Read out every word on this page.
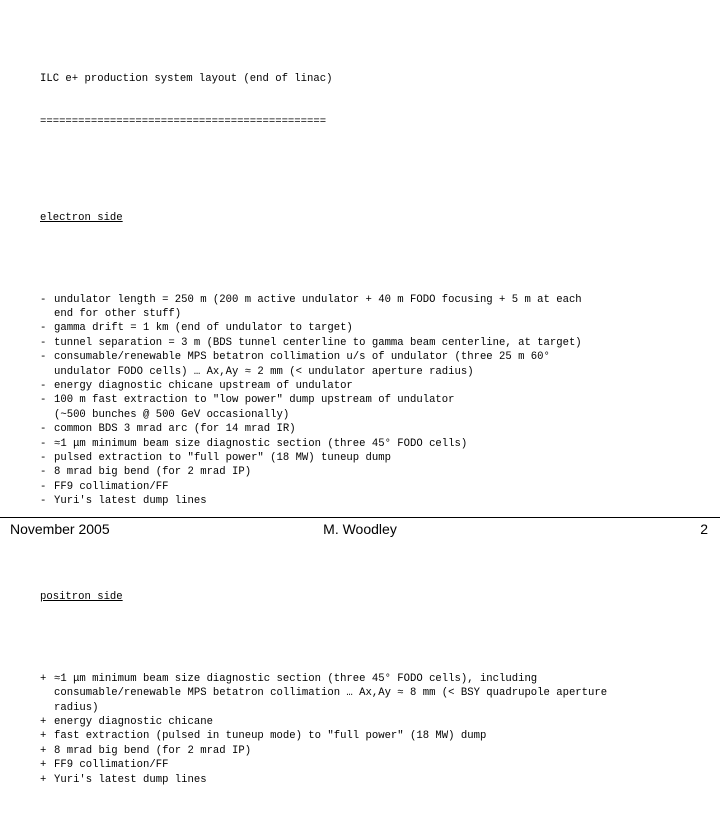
ILC e+ production system layout (end of linac)

=============================================

electron side

- undulator length = 250 m (200 m active undulator + 40 m FODO focusing + 5 m at each
end for other stuff)
- gamma drift = 1 km (end of undulator to target)
- tunnel separation = 3 m (BDS tunnel centerline to gamma beam centerline, at target)
- consumable/renewable MPS betatron collimation u/s of undulator (three 25 m 60°
undulator FODO cells) … Ax,Ay ≈ 2 mm (< undulator aperture radius)
- energy diagnostic chicane upstream of undulator
- 100 m fast extraction to "low power" dump upstream of undulator
(~500 bunches @ 500 GeV occasionally)
- common BDS 3 mrad arc (for 14 mrad IR)
- ≈1 μm minimum beam size diagnostic section (three 45° FODO cells)
- pulsed extraction to "full power" (18 MW) tuneup dump
- 8 mrad big bend (for 2 mrad IP)
- FF9 collimation/FF
- Yuri's latest dump lines

positron side

+ ≈1 μm minimum beam size diagnostic section (three 45° FODO cells), including
consumable/renewable MPS betatron collimation … Ax,Ay ≈ 8 mm (< BSY quadrupole aperture
radius)
+ energy diagnostic chicane
+ fast extraction (pulsed in tuneup mode) to "full power" (18 MW) dump
+ 8 mrad big bend (for 2 mrad IP)
+ FF9 collimation/FF
+ Yuri's latest dump lines

November 2005	M. Woodley	2
